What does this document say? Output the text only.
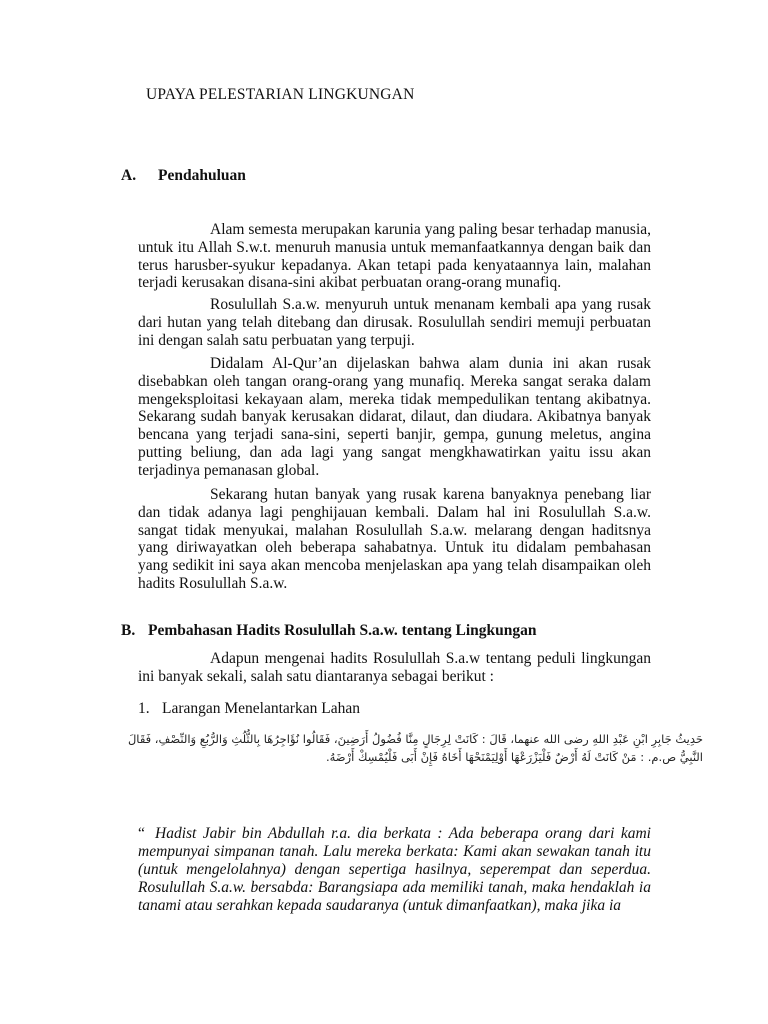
UPAYA PELESTARIAN LINGKUNGAN
A. Pendahuluan

Alam semesta merupakan karunia yang paling besar terhadap manusia, untuk itu Allah S.w.t. menuruh manusia untuk memanfaatkannya dengan baik dan terus harusber-syukur kepadanya. Akan tetapi pada kenyataannya lain, malahan terjadi kerusakan disana-sini akibat perbuatan orang-orang munafiq.

Rosulullah S.a.w. menyuruh untuk menanam kembali apa yang rusak dari hutan yang telah ditebang dan dirusak. Rosulullah sendiri memuji perbuatan ini dengan salah satu perbuatan yang terpuji.

Didalam Al-Qur’an dijelaskan bahwa alam dunia ini akan rusak disebabkan oleh tangan orang-orang yang munafiq. Mereka sangat seraka dalam mengeksploitasi kekayaan alam, mereka tidak mempedulikan tentang akibatnya. Sekarang sudah banyak kerusakan didarat, dilaut, dan diudara. Akibatnya banyak bencana yang terjadi sana-sini, seperti banjir, gempa, gunung meletus, angina putting beliung, dan ada lagi yang sangat mengkhawatirkan yaitu issu akan terjadinya pemanasan global.

Sekarang hutan banyak yang rusak karena banyaknya penebang liar dan tidak adanya lagi penghijauan kembali. Dalam hal ini Rosulullah S.a.w. sangat tidak menyukai, malahan Rosulullah S.a.w. melarang dengan haditsnya yang diriwayatkan oleh beberapa sahabatnya. Untuk itu didalam pembahasan yang sedikit ini saya akan mencoba menjelaskan apa yang telah disampaikan oleh hadits Rosulullah S.a.w.

B. Pembahasan Hadits Rosulullah S.a.w. tentang Lingkungan

Adapun mengenai hadits Rosulullah S.a.w tentang peduli lingkungan ini banyak sekali, salah satu diantaranya sebagai berikut :

1. Larangan Menelantarkan Lahan
حَدِيثُ جَابِرِ ابْنِ عَبْدِ اللهِ رضى الله عنهما، قَالَ : كَانَتْ لِرِجَالٍ مِنَّا فُضُولُ أَرَضِينَ، فَقَالُوا نُؤَاجِرُهَا بِالثُّلُثِ وَالرُّبُعِ وَالنِّصْفِ، فَقَالَ النَّبِيُّ ص.م. : مَنْ كَانَتْ لَهُ أَرْضٌ فَلْيَزْرَعْهَا أَوْلِيَمْنَحْهَا أَخَاهُ فَإِنْ أَبَى فَلْيُمْسِكْ أَرْضَهُ.

“ Hadist Jabir bin Abdullah r.a. dia berkata : Ada beberapa orang dari kami mempunyai simpanan tanah. Lalu mereka berkata: Kami akan sewakan tanah itu (untuk mengelolahnya) dengan sepertiga hasilnya, seperempat dan seperdua. Rosulullah S.a.w. bersabda: Barangsiapa ada memiliki tanah, maka hendaklah ia tanami atau serahkan kepada saudaranya (untuk dimanfaatkan), maka jika ia
